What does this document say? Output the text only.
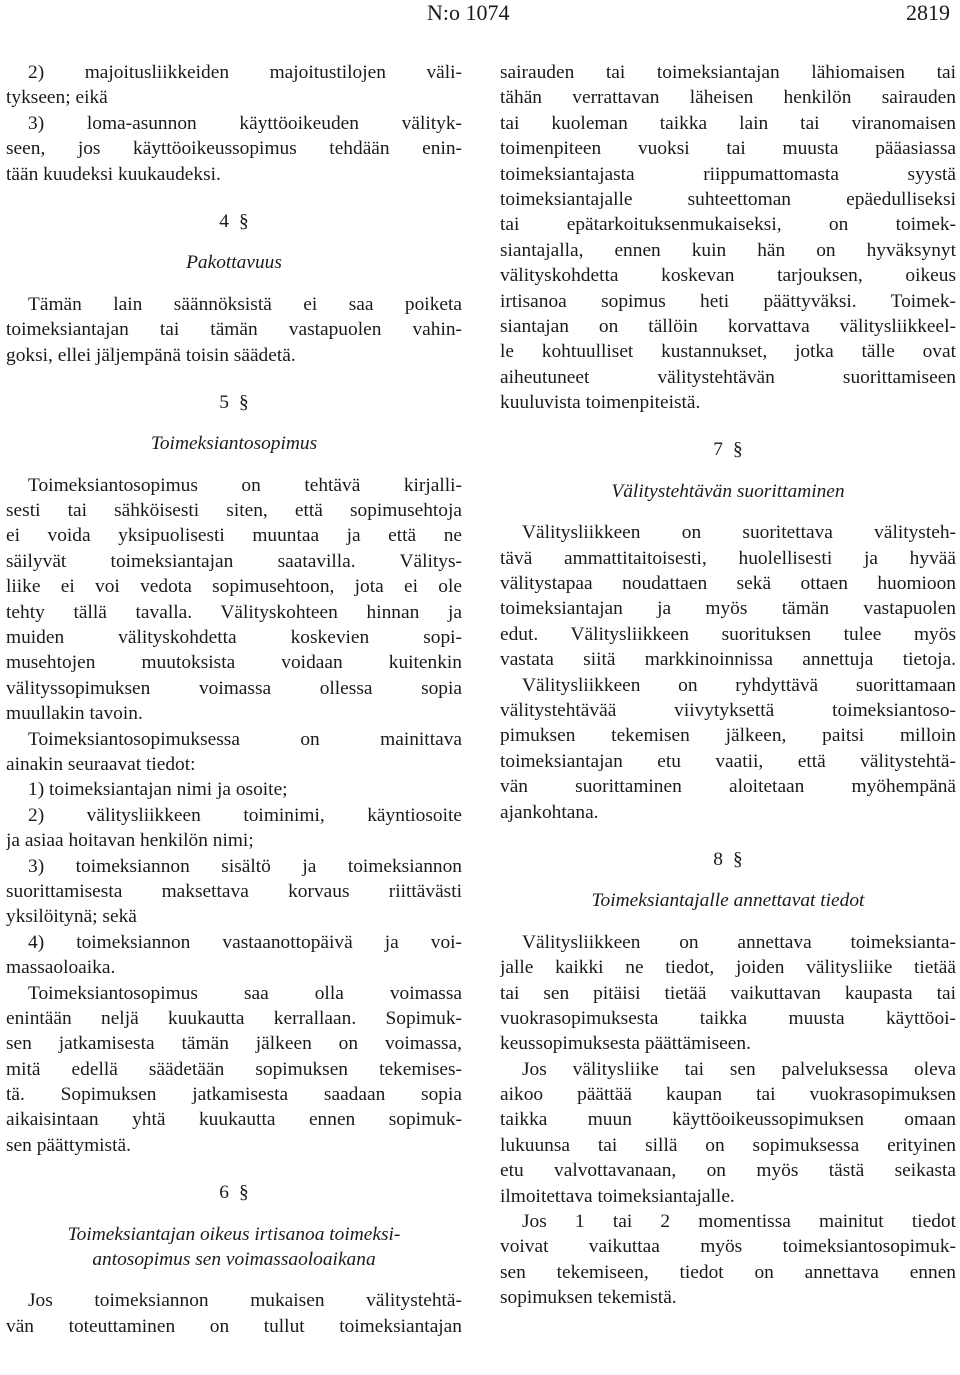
N:o 1074	2819
2) majoitusliikkeiden majoitustilojen väli-
tykseen; eikä
3) loma-asunnon käyttöoikeuden välityk-
seen, jos käyttöoikeussopimus tehdään enin-
tään kuudeksi kuukaudeksi.
4 §
Pakottavuus
Tämän lain säännöksistä ei saa poiketa
toimeksiantajan tai tämän vastapuolen vahin-
goksi, ellei jäljempänä toisin säädetä.
5 §
Toimeksiantosopimus
Toimeksiantosopimus on tehtävä kirjalli-
sesti tai sähköisesti siten, että sopimusehtoja
ei voida yksipuolisesti muuntaa ja että ne
säilyvät toimeksiantajan saatavilla. Välitys-
liike ei voi vedota sopimusehtoon, jota ei ole
tehty tällä tavalla. Välityskohteen hinnan ja
muiden välityskohdetta koskevien sopi-
musehtojen muutoksista voidaan kuitenkin
välityssopimuksen voimassa ollessa sopia
muullakin tavoin.
Toimeksiantosopimuksessa on mainittava
ainakin seuraavat tiedot:
1) toimeksiantajan nimi ja osoite;
2) välitysliikkeen toiminimi, käyntiosoite
ja asiaa hoitavan henkilön nimi;
3) toimeksiannon sisältö ja toimeksiannon
suorittamisesta maksettava korvaus riittävästi
yksilöitynä; sekä
4) toimeksiannon vastaanottopäivä ja voi-
massaoloaika.
Toimeksiantosopimus saa olla voimassa
enintään neljä kuukautta kerrallaan. Sopimuk-
sen jatkamisesta tämän jälkeen on voimassa,
mitä edellä säädetään sopimuksen tekemises-
tä. Sopimuksen jatkamisesta saadaan sopia
aikaisintaan yhtä kuukautta ennen sopimuk-
sen päättymistä.
6 §
Toimeksiantajan oikeus irtisanoa toimeksi-
antosopimus sen voimassaoloaikana
Jos toimeksiannon mukaisen välitystehtä-
vän toteuttaminen on tullut toimeksiantajan
sairauden tai toimeksiantajan lähiomaisen tai
tähän verrattavan läheisen henkilön sairauden
tai kuoleman taikka lain tai viranomaisen
toimenpiteen vuoksi tai muusta pääasiassa
toimeksiantajasta riippumattomasta syystä
toimeksiantajalle suhteettoman epäedulliseksi
tai epätarkoituksenmukaiseksi, on toimek-
siantajalla, ennen kuin hän on hyväksynyt
välityskohdetta koskevan tarjouksen, oikeus
irtisanoa sopimus heti päättyväksi. Toimek-
siantajan on tällöin korvattava välitysliikkeel-
le kohtuulliset kustannukset, jotka tälle ovat
aiheutuneet välitystehtävän suorittamiseen
kuuluvista toimenpiteistä.
7 §
Välitystehtävän suorittaminen
Välitysliikkeen on suoritettava välitysteh-
tävä ammattitaitoisesti, huolellisesti ja hyvää
välitystapaa noudattaen sekä ottaen huomioon
toimeksiantajan ja myös tämän vastapuolen
edut. Välitysliikkeen suorituksen tulee myös
vastata siitä markkinoinnissa annettuja tietoja.
Välitysliikkeen on ryhdyttävä suorittamaan
välitystehtävää viivytyksettä toimeksiantoso-
pimuksen tekemisen jälkeen, paitsi milloin
toimeksiantajan etu vaatii, että välitystehtä-
vän suorittaminen aloitetaan myöhempänä
ajankohtana.
8 §
Toimeksiantajalle annettavat tiedot
Välitysliikkeen on annettava toimeksianta-
jalle kaikki ne tiedot, joiden välitysliike tietää
tai sen pitäisi tietää vaikuttavan kaupasta tai
vuokrasopimuksesta taikka muusta käyttöoi-
keussopimuksesta päättämiseen.
Jos välitysliike tai sen palveluksessa oleva
aikoo päättää kaupan tai vuokrasopimuksen
taikka muun käyttöoikeussopimuksen omaan
lukuunsa tai sillä on sopimuksessa erityinen
etu valvottavanaan, on myös tästä seikasta
ilmoitettava toimeksiantajalle.
Jos 1 tai 2 momentissa mainitut tiedot
voivat vaikuttaa myös toimeksiantosopimuk-
sen tekemiseen, tiedot on annettava ennen
sopimuksen tekemistä.
